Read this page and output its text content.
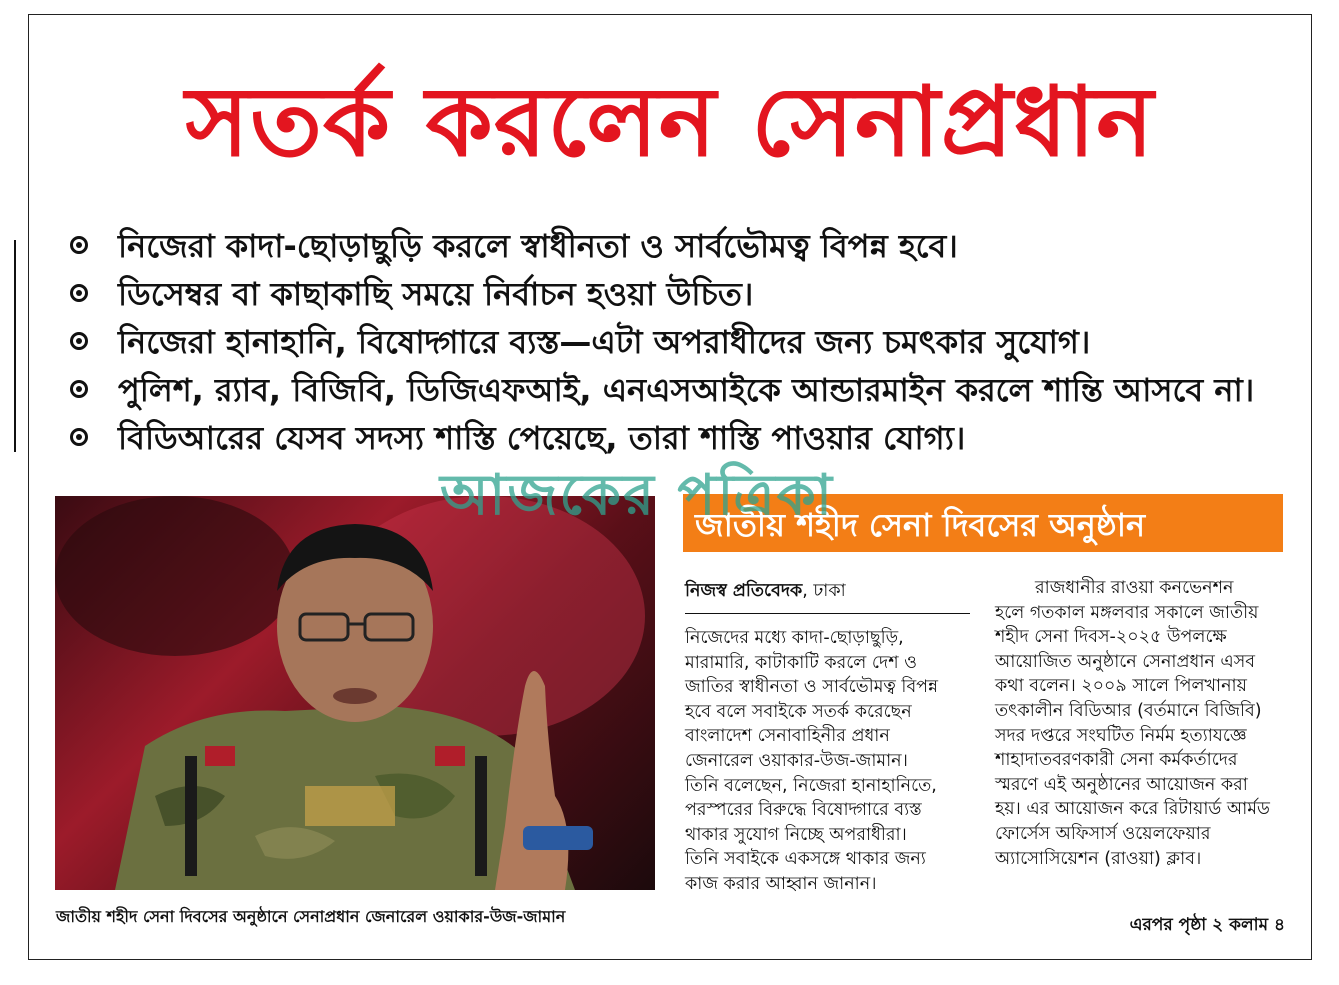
সতর্ক করলেন সেনাপ্রধান
নিজেরা কাদা-ছোড়াছুড়ি করলে স্বাধীনতা ও সার্বভৌমত্ব বিপন্ন হবে।
ডিসেম্বর বা কাছাকাছি সময়ে নির্বাচন হওয়া উচিত।
নিজেরা হানাহানি, বিষোদ্গারে ব্যস্ত—এটা অপরাধীদের জন্য চমৎকার সুযোগ।
পুলিশ, র‍্যাব, বিজিবি, ডিজিএফআই, এনএসআইকে আন্ডারমাইন করলে শান্তি আসবে না।
বিডিআরের যেসব সদস্য শাস্তি পেয়েছে, তারা শাস্তি পাওয়ার যোগ্য।
জাতীয় শহীদ সেনা দিবসের অনুষ্ঠানে সেনাপ্রধান জেনারেল ওয়াকার-উজ-জামান
জাতীয় শহীদ সেনা দিবসের অনুষ্ঠান
আজকের পত্রিকা
নিজস্ব প্রতিবেদক, ঢাকা

নিজেদের মধ্যে কাদা-ছোড়াছুড়ি,

মারামারি, কাটাকাটি করলে দেশ ও

জাতির স্বাধীনতা ও সার্বভৌমত্ব বিপন্ন

হবে বলে সবাইকে সতর্ক করেছেন

বাংলাদেশ সেনাবাহিনীর প্রধান

জেনারেল ওয়াকার-উজ-জামান।

তিনি বলেছেন, নিজেরা হানাহানিতে,

পরস্পরের বিরুদ্ধে বিষোদ্গারে ব্যস্ত

থাকার সুযোগ নিচ্ছে অপরাধীরা।

তিনি সবাইকে একসঙ্গে থাকার জন্য

কাজ করার আহ্বান জানান।

রাজধানীর রাওয়া কনভেনশন

হলে গতকাল মঙ্গলবার সকালে জাতীয়

শহীদ সেনা দিবস-২০২৫ উপলক্ষে

আয়োজিত অনুষ্ঠানে সেনাপ্রধান এসব

কথা বলেন। ২০০৯ সালে পিলখানায়

তৎকালীন বিডিআর (বর্তমানে বিজিবি)

সদর দপ্তরে সংঘটিত নির্মম হত্যাযজ্ঞে

শাহাদাতবরণকারী সেনা কর্মকর্তাদের

স্মরণে এই অনুষ্ঠানের আয়োজন করা

হয়। এর আয়োজন করে রিটায়ার্ড আর্মড

ফোর্সেস অফিসার্স ওয়েলফেয়ার

অ্যাসোসিয়েশন (রাওয়া) ক্লাব।

এরপর পৃষ্ঠা ২ কলাম ৪
